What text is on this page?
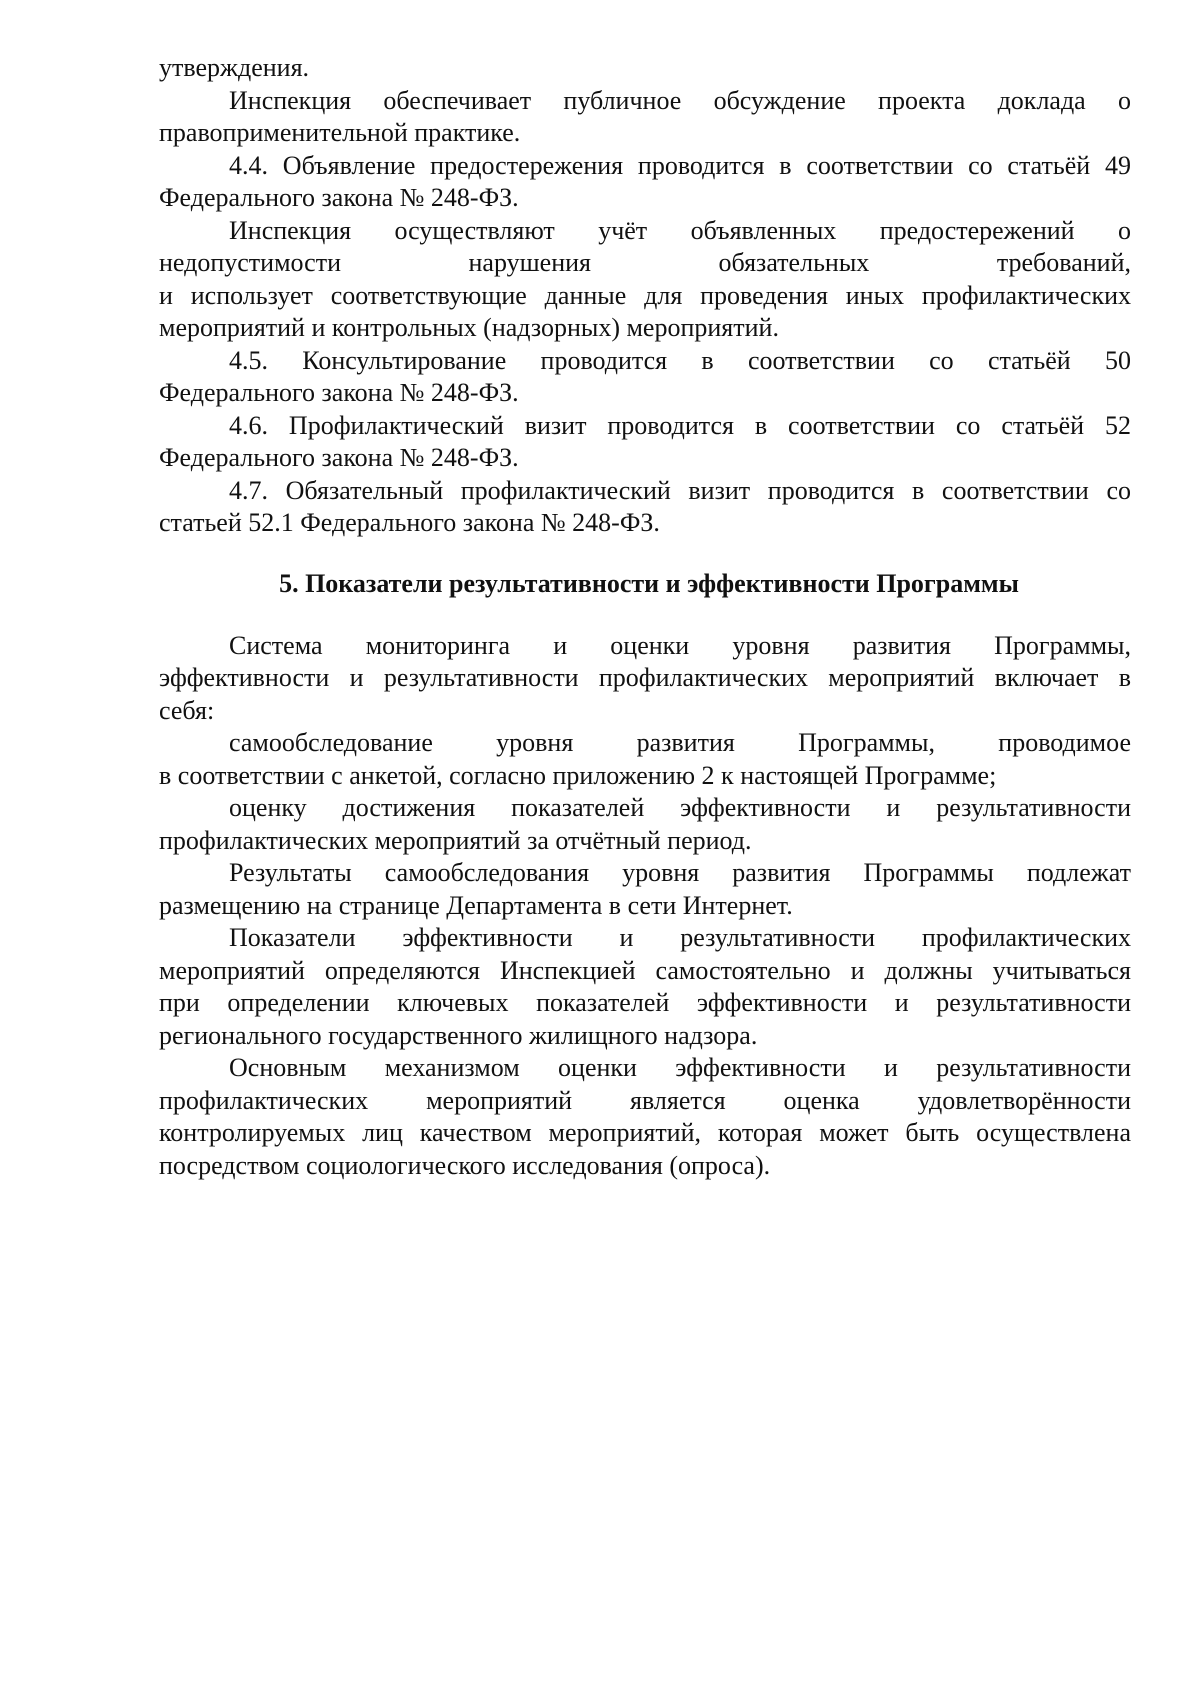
утверждения.
Инспекция обеспечивает публичное обсуждение проекта доклада о
правоприменительной практике.
4.4. Объявление предостережения проводится в соответствии со статьёй 49
Федерального закона № 248-ФЗ.
Инспекция осуществляют учёт объявленных предостережений о
недопустимости нарушения обязательных требований,
и использует соответствующие данные для проведения иных профилактических
мероприятий и контрольных (надзорных) мероприятий.
4.5. Консультирование проводится в соответствии со статьёй 50
Федерального закона № 248-ФЗ.
4.6. Профилактический визит проводится в соответствии со статьёй 52
Федерального закона № 248-ФЗ.
4.7. Обязательный профилактический визит проводится в соответствии со
статьей 52.1 Федерального закона № 248-ФЗ.
5. Показатели результативности и эффективности Программы
Система мониторинга и оценки уровня развития Программы,
эффективности и результативности профилактических мероприятий включает в
себя:
самообследование уровня развития Программы, проводимое
в соответствии с анкетой, согласно приложению 2 к настоящей Программе;
оценку достижения показателей эффективности и результативности
профилактических мероприятий за отчётный период.
Результаты самообследования уровня развития Программы подлежат
размещению на странице Департамента в сети Интернет.
Показатели эффективности и результативности профилактических
мероприятий определяются Инспекцией самостоятельно и должны учитываться
при определении ключевых показателей эффективности и результативности
регионального государственного жилищного надзора.
Основным механизмом оценки эффективности и результативности
профилактических мероприятий является оценка удовлетворённости
контролируемых лиц качеством мероприятий, которая может быть осуществлена
посредством социологического исследования (опроса).
